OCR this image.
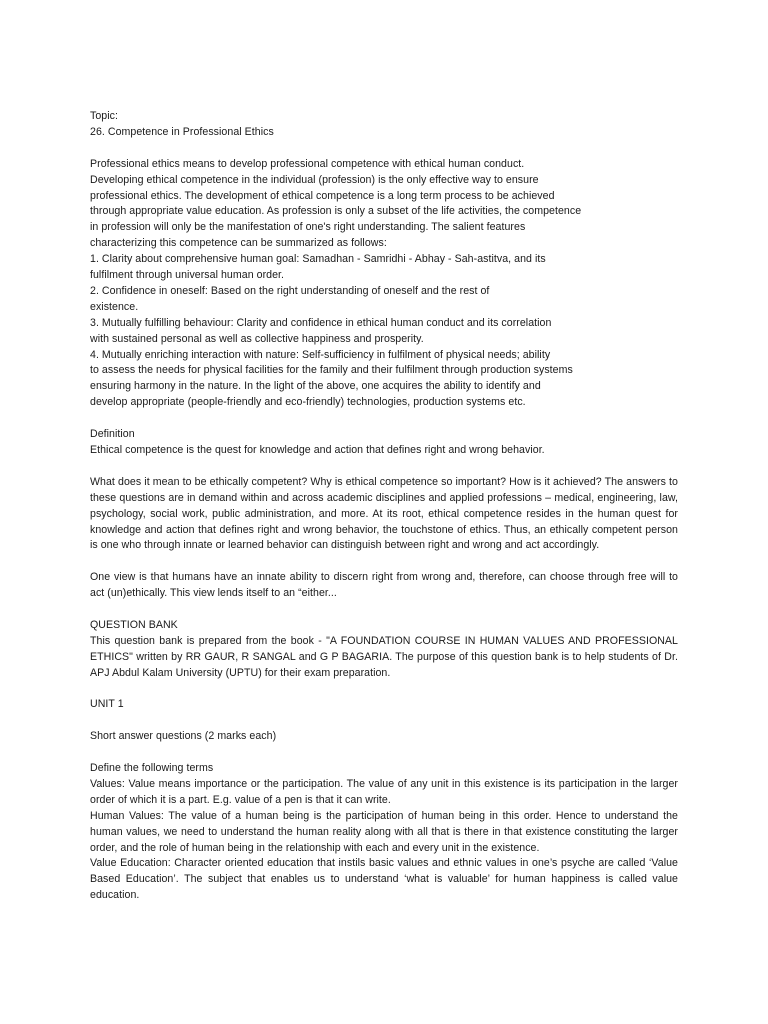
Topic:
26. Competence in Professional Ethics
Professional ethics means to develop professional competence with ethical human conduct.
Developing ethical competence in the individual (profession) is the only effective way to ensure
professional ethics. The development of ethical competence is a long term process to be achieved
through appropriate value education. As profession is only a subset of the life activities, the competence
in profession will only be the manifestation of one's right understanding. The salient features
characterizing this competence can be summarized as follows:
1. Clarity about comprehensive human goal: Samadhan - Samridhi - Abhay - Sah-astitva, and its
fulfilment through universal human order.
2. Confidence in oneself: Based on the right understanding of oneself and the rest of
existence.
3. Mutually fulfilling behaviour: Clarity and confidence in ethical human conduct and its correlation
with sustained personal as well as collective happiness and prosperity.
4. Mutually enriching interaction with nature: Self-sufficiency in fulfilment of physical needs; ability
to assess the needs for physical facilities for the family and their fulfilment through production systems
ensuring harmony in the nature. In the light of the above, one acquires the ability to identify and
develop appropriate (people-friendly and eco-friendly) technologies, production systems etc.
Definition
Ethical competence is the quest for knowledge and action that defines right and wrong behavior.

What does it mean to be ethically competent? Why is ethical competence so important? How is it achieved? The answers to these questions are in demand within and across academic disciplines and applied professions – medical, engineering, law, psychology, social work, public administration, and more. At its root, ethical competence resides in the human quest for knowledge and action that defines right and wrong behavior, the touchstone of ethics. Thus, an ethically competent person is one who through innate or learned behavior can distinguish between right and wrong and act accordingly.

One view is that humans have an innate ability to discern right from wrong and, therefore, can choose through free will to act (un)ethically. This view lends itself to an “either...

QUESTION BANK

This question bank is prepared from the book - "A FOUNDATION COURSE IN HUMAN VALUES AND PROFESSIONAL ETHICS" written by RR GAUR, R SANGAL and G P BAGARIA. The purpose of this question bank is to help students of Dr. APJ Abdul Kalam University (UPTU) for their exam preparation.

UNIT 1
Short answer questions (2 marks each)
Define the following terms

Values: Value means importance or the participation. The value of any unit in this existence is its participation in the larger order of which it is a part. E.g. value of a pen is that it can write.

Human Values: The value of a human being is the participation of human being in this order. Hence to understand the human values, we need to understand the human reality along with all that is there in that existence constituting the larger order, and the role of human being in the relationship with each and every unit in the existence.

Value Education: Character oriented education that instils basic values and ethnic values in one’s psyche are called ‘Value Based Education’. The subject that enables us to understand ‘what is valuable’ for human happiness is called value education.
